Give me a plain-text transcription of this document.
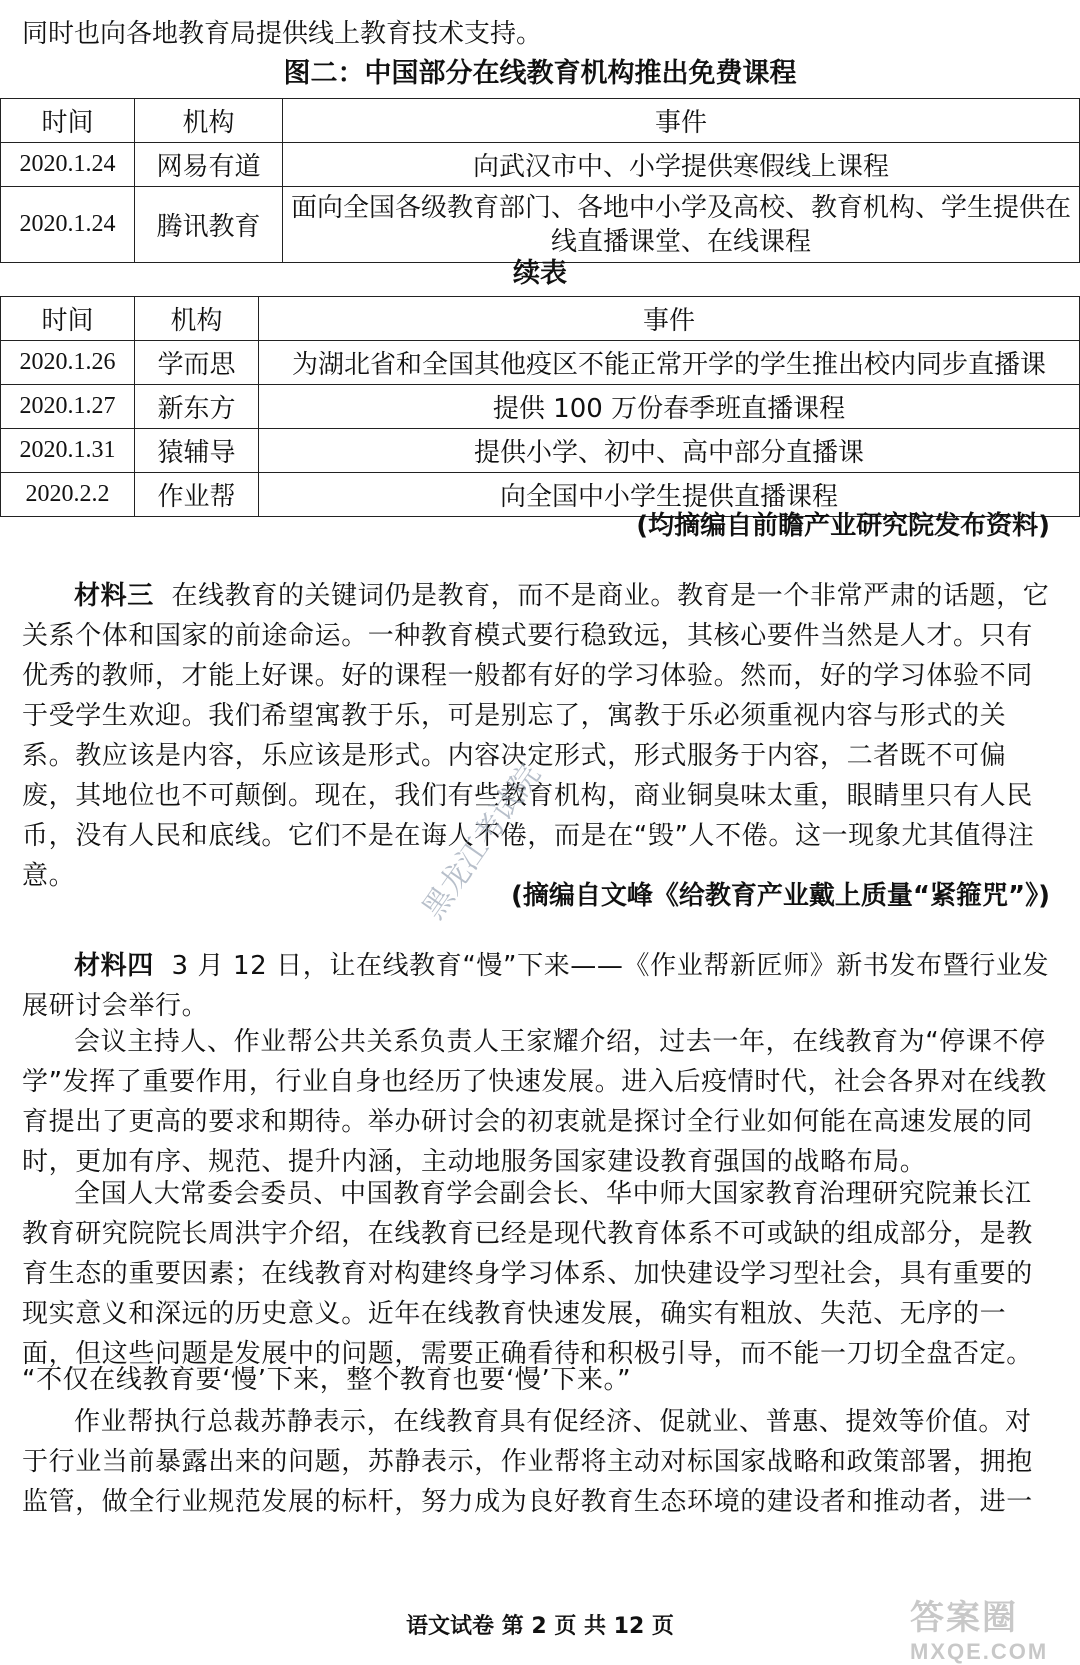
同时也向各地教育局提供线上教育技术支持。
图二：中国部分在线教育机构推出免费课程
时间	机构	事件
2020.1.24	网易有道	向武汉市中、小学提供寒假线上课程
2020.1.24	腾讯教育	面向全国各级教育部门、各地中小学及高校、教育机构、学生提供在线直播课堂、在线课程
续表
时间	机构	事件
2020.1.26	学而思	为湖北省和全国其他疫区不能正常开学的学生推出校内同步直播课
2020.1.27	新东方	提供 100 万份春季班直播课程
2020.1.31	猿辅导	提供小学、初中、高中部分直播课
2020.2.2	作业帮	向全国中小学生提供直播课程
(均摘编自前瞻产业研究院发布资料)

材料三 在线教育的关键词仍是教育，而不是商业。教育是一个非常严肃的话题，它关系个体和国家的前途命运。一种教育模式要行稳致远，其核心要件当然是人才。只有优秀的教师，才能上好课。好的课程一般都有好的学习体验。然而，好的学习体验不同于受学生欢迎。我们希望寓教于乐，可是别忘了，寓教于乐必须重视内容与形式的关系。教应该是内容，乐应该是形式。内容决定形式，形式服务于内容，二者既不可偏废，其地位也不可颠倒。现在，我们有些教育机构，商业铜臭味太重，眼睛里只有人民币，没有人民和底线。它们不是在诲人不倦，而是在“毁”人不倦。这一现象尤其值得注意。

(摘编自文峰《给教育产业戴上质量“紧箍咒”》)

材料四 3 月 12 日，让在线教育“慢”下来——《作业帮新匠师》新书发布暨行业发展研讨会举行。

会议主持人、作业帮公共关系负责人王家耀介绍，过去一年，在线教育为“停课不停学”发挥了重要作用，行业自身也经历了快速发展。进入后疫情时代，社会各界对在线教育提出了更高的要求和期待。举办研讨会的初衷就是探讨全行业如何能在高速发展的同时，更加有序、规范、提升内涵，主动地服务国家建设教育强国的战略布局。

全国人大常委会委员、中国教育学会副会长、华中师大国家教育治理研究院兼长江教育研究院院长周洪宇介绍，在线教育已经是现代教育体系不可或缺的组成部分，是教育生态的重要因素；在线教育对构建终身学习体系、加快建设学习型社会，具有重要的现实意义和深远的历史意义。近年在线教育快速发展，确实有粗放、失范、无序的一面，但这些问题是发展中的问题，需要正确看待和积极引导，而不能一刀切全盘否定。

“不仅在线教育要‘慢’下来，整个教育也要‘慢’下来。”

作业帮执行总裁苏静表示，在线教育具有促经济、促就业、普惠、提效等价值。对于行业当前暴露出来的问题，苏静表示，作业帮将主动对标国家战略和政策部署，拥抱监管，做全行业规范发展的标杆，努力成为良好教育生态环境的建设者和推动者，进一

语文试卷 第 2 页 共 12 页
黑龙江考试院
答案圈
MXQE.COM
